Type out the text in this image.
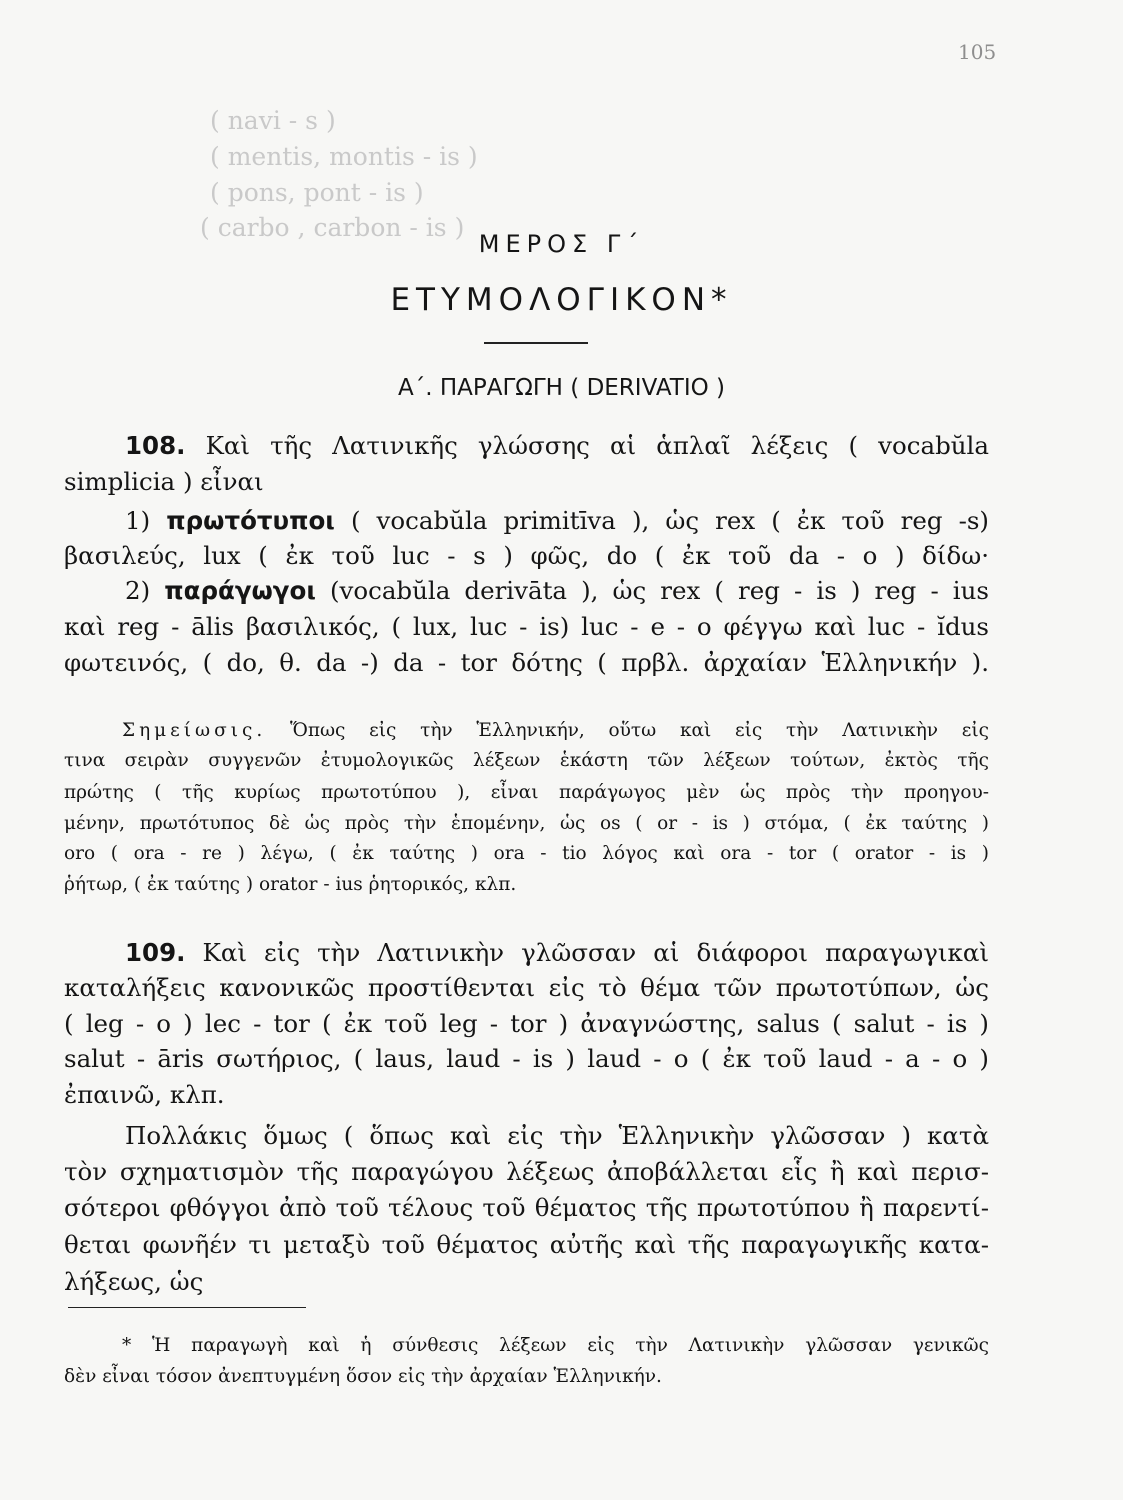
105
( navi - s )
( mentis, montis - is )
( pons, pont - is )
( carbo , carbon - is )
ΜΕΡΟΣ Γ΄
ΕΤΥΜΟΛΟΓΙΚΟΝ*
Α΄. ΠΑΡΑΓΩΓΗ ( DERIVATIO )
108. Καὶ τῆς Λατινικῆς γλώσσης αἱ ἁπλαῖ λέξεις ( vocabŭla
simplicia ) εἶναι
1) πρωτότυποι ( vocabŭla primitīva ), ὡς rex ( ἐκ τοῦ reg -s)
βασιλεύς, lux ( ἐκ τοῦ luc - s ) φῶς, do ( ἐκ τοῦ da - o ) δίδω·
2) παράγωγοι (vocabŭla derivāta ), ὡς rex ( reg - is ) reg - ius
καὶ reg - ālis βασιλικός, ( lux, luc - is) luc - e - o φέγγω καὶ luc - ĭdus
φωτεινός, ( do, θ. da -) da - tor δότης ( πρβλ. ἀρχαίαν Ἑλληνικήν ).
Σημείωσις. Ὅπως εἰς τὴν Ἑλληνικήν, οὕτω καὶ εἰς τὴν Λατινικὴν εἰς
τινα σειρὰν συγγενῶν ἐτυμολογικῶς λέξεων ἑκάστη τῶν λέξεων τούτων, ἐκτὸς τῆς
πρώτης ( τῆς κυρίως πρωτοτύπου ), εἶναι παράγωγος μὲν ὡς πρὸς τὴν προηγου-
μένην, πρωτότυπος δὲ ὡς πρὸς τὴν ἑπομένην, ὡς os ( or - is ) στόμα, ( ἐκ ταύτης )
oro ( ora - re ) λέγω, ( ἐκ ταύτης ) ora - tio λόγος καὶ ora - tor ( orator - is )
ῥήτωρ, ( ἐκ ταύτης ) orator - ius ῥητορικός, κλπ.
109. Καὶ εἰς τὴν Λατινικὴν γλῶσσαν αἱ διάφοροι παραγωγικαὶ
καταλήξεις κανονικῶς προστίθενται εἰς τὸ θέμα τῶν πρωτοτύπων, ὡς
( leg - o ) lec - tor ( ἐκ τοῦ leg - tor ) ἀναγνώστης, salus ( salut - is )
salut - āris σωτήριος, ( laus, laud - is ) laud - o ( ἐκ τοῦ laud - a - o )
ἐπαινῶ, κλπ.
Πολλάκις ὅμως ( ὅπως καὶ εἰς τὴν Ἑλληνικὴν γλῶσσαν ) κατὰ
τὸν σχηματισμὸν τῆς παραγώγου λέξεως ἀποβάλλεται εἷς ἢ καὶ περισ-
σότεροι φθόγγοι ἀπὸ τοῦ τέλους τοῦ θέματος τῆς πρωτοτύπου ἢ παρεντί-
θεται φωνῆέν τι μεταξὺ τοῦ θέματος αὐτῆς καὶ τῆς παραγωγικῆς κατα-
λήξεως, ὡς
* Ἡ παραγωγὴ καὶ ἡ σύνθεσις λέξεων εἰς τὴν Λατινικὴν γλῶσσαν γενικῶς
δὲν εἶναι τόσον ἀνεπτυγμένη ὅσον εἰς τὴν ἀρχαίαν Ἑλληνικήν.
